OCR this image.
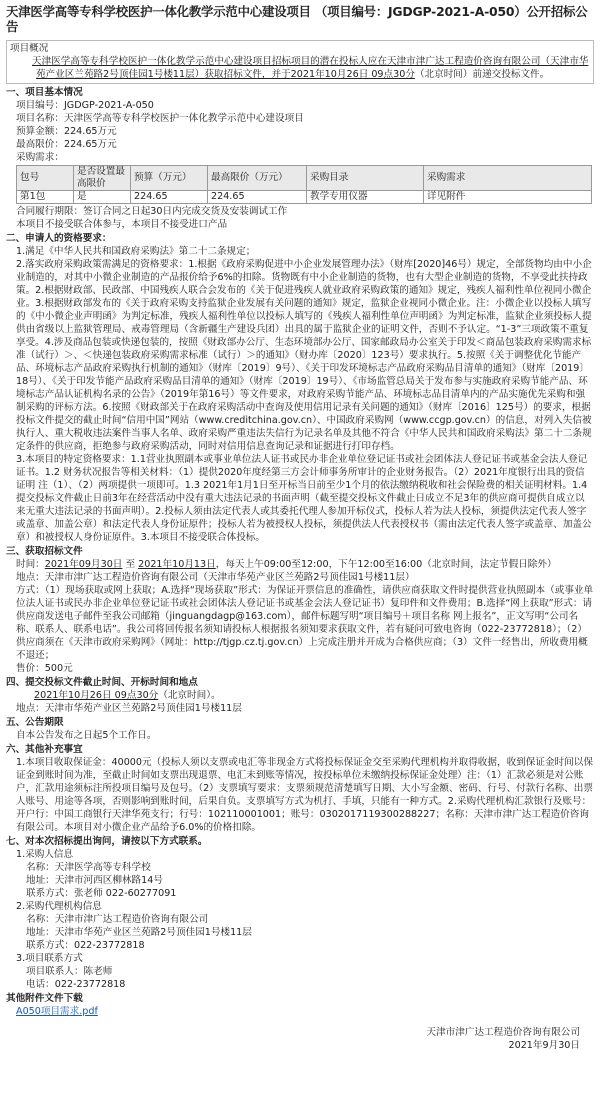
天津医学高等专科学校医护一体化教学示范中心建设项目 （项目编号：JGDGP-2021-A-050）公开招标公告
项目概况
天津医学高等专科学校医护一体化教学示范中心建设项目招标项目的潜在投标人应在天津市津广达工程造价咨询有限公司（天津市华苑产业区兰苑路2号顶佳园1号楼11层）获取招标文件，并于2021年10月26日 09点30分（北京时间）前递交投标文件。
一、项目基本情况

项目编号：JGDGP-2021-A-050

项目名称：天津医学高等专科学校医护一体化教学示范中心建设项目

预算金额：224.65万元

最高限价：224.65万元

采购需求：

包号	是否设置最高限价	预算（万元）	最高限价（万元）	采购目录	采购需求
第1包	是	224.65	224.65	教学专用仪器	详见附件

合同履行期限：签订合同之日起30日内完成交货及安装调试工作

本项目不接受联合体参与，本项目不接受进口产品

二、申请人的资格要求：

1.满足《中华人民共和国政府采购法》第二十二条规定；

2.落实政府采购政策需满足的资格要求：1.根据《政府采购促进中小企业发展管理办法》（财库[2020]46号）规定，全部货物均由中小企业制造的，对其中小微企业制造的产品报价给予6%的扣除。货物既有中小企业制造的货物，也有大型企业制造的货物，不享受此扶持政策。2.根据财政部、民政部、中国残疾人联合会发布的《关于促进残疾人就业政府采购政策的通知》规定，残疾人福利性单位视同小微企业。3.根据财政部发布的《关于政府采购支持监狱企业发展有关问题的通知》规定，监狱企业视同小微企业。注：小微企业以投标人填写的《中小微企业声明函》为判定标准，残疾人福利性单位以投标人填写的《残疾人福利性单位声明函》为判定标准，监狱企业须投标人提供由省级以上监狱管理局、戒毒管理局（含新疆生产建设兵团）出具的属于监狱企业的证明文件，否则不予认定。“1-3”三项政策不重复享受。4.涉及商品包装或快递包装的，按照《财政部办公厅、生态环境部办公厅、国家邮政局办公室关于印发＜商品包装政府采购需求标准（试行）＞、＜快递包装政府采购需求标准（试行）＞的通知》（财办库〔2020〕123号）要求执行。5.按照《关于调整优化节能产品、环境标志产品政府采购执行机制的通知》（财库〔2019〕9号）、《关于印发环境标志产品政府采购品目清单的通知》（财库〔2019〕18号）、《关于印发节能产品政府采购品目清单的通知》（财库〔2019〕19号）、《市场监管总局关于发布参与实施政府采购节能产品、环境标志产品认证机构名录的公告》（2019年第16号）等文件要求，对政府采购节能产品、环境标志品目清单内的产品实施优先采购和强制采购的评标方法。6.按照《财政部关于在政府采购活动中查询及使用信用记录有关问题的通知》（财库〔2016〕125号）的要求，根据投标文件提交的截止时间“信用中国”网站（www.creditchina.gov.cn）、中国政府采购网（www.ccgp.gov.cn）的信息，对列入失信被执行人、重大税收违法案件当事人名单、政府采购严重违法失信行为记录名单及其他不符合《中华人民共和国政府采购法》第二十二条规定条件的供应商，拒绝参与政府采购活动，同时对信用信息查询记录和证据进行打印存档。

3.本项目的特定资格要求：1.1营业执照副本或事业单位法人证书或民办非企业单位登记证书或社会团体法人登记证书或基金会法人登记证书。1.2 财务状况报告等相关材料：（1）提供2020年度经第三方会计师事务所审计的企业财务报告。（2）2021年度银行出具的资信证明 注（1）、（2）两项提供一项即可。1.3 2021年1月1日至开标当日前至少1个月的依法缴纳税收和社会保险费的相关证明材料。1.4 提交投标文件截止日前3年在经营活动中没有重大违法记录的书面声明（截至提交投标文件截止日成立不足3年的供应商可提供自成立以来无重大违法记录的书面声明）。2.投标人须由法定代表人或其委托代理人参加开标仪式，投标人若为法人投标，须提供法定代表人签字或盖章、加盖公章）和法定代表人身份证原件；投标人若为被授权人投标，须提供法人代表授权书（需由法定代表人签字或盖章、加盖公章）和被授权人身份证原件。3.本项目不接受联合体投标。

三、获取招标文件

时间：2021年09月30日 至 2021年10月13日，每天上午09:00至12:00，下午12:00至16:00（北京时间，法定节假日除外）

地点：天津市津广达工程造价咨询有限公司（天津市华苑产业区兰苑路2号顶佳园1号楼11层）

方式：（1）现场获取或网上获取；A.选择“现场获取”形式：为保证开票信息的准确性，请供应商获取文件时提供营业执照副本（或事业单位法人证书或民办非企业单位登记证书或社会团体法人登记证书或基金会法人登记证书）复印件和文件费用；B.选择“网上获取”形式：请供应商发送电子邮件至我公司邮箱（jinguangdagp@163.com），邮件标题写明“项目编号＋项目名称 网上报名”，正文写明“公司名称、联系人、联系电话”。我公司将回传报名须知请投标人根据报名须知要求获取文件，若有疑问可致电咨询（022-23772818）；（2）供应商须在《天津市政府采购网》（网址：http://tjgp.cz.tj.gov.cn）上完成注册并开成为合格供应商；（3）文件一经售出，所收费用概不退还；

售价：500元

四、提交投标文件截止时间、开标时间和地点

2021年10月26日 09点30分（北京时间）。

地点：天津市华苑产业区兰苑路2号顶佳园1号楼11层

五、公告期限
自本公告发布之日起5个工作日。
六、其他补充事宜
1.本项目收取保证金：40000元（投标人须以支票或电汇等非现金方式将投标保证金交至采购代理机构并取得收据，收到保证金时间以保证金到账时间为准，至截止时间如支票出现退票、电汇未到账等情况，按投标单位未缴纳投标保证金处理）注：（1）汇款必须是对公账户，汇款用途须标注所投项目编号及包号。（2）支票填写要求：支票须规范清楚填写日期、大小写金额、密码、行号、付款行名称、出票人账号、用途等各项，否则影响到账时间，后果自负。支票填写方式为机打、手填，只能有一种方式。2.采购代理机构汇款银行及账号：开户行：中国工商银行天津华苑支行；行号：102110001001；账号：0302017119300288227；名称：天津市津广达工程造价咨询有限公司。本项目对小微企业产品给予6.0%的价格扣除。
七、对本次招标提出询问，请按以下方式联系。

1.采购人信息

名称：天津医学高等专科学校

地址：天津市河西区柳林路14号

联系方式：张老师 022-60277091

2.采购代理机构信息

名称：天津市津广达工程造价咨询有限公司

地址：天津市华苑产业区兰苑路2号顶佳园1号楼11层

联系方式：022-23772818

3.项目联系方式

项目联系人：陈老师

电话：022-23772818

其他附件文件下载
A050项目需求.pdf

天津市津广达工程造价咨询有限公司

2021年9月30日
